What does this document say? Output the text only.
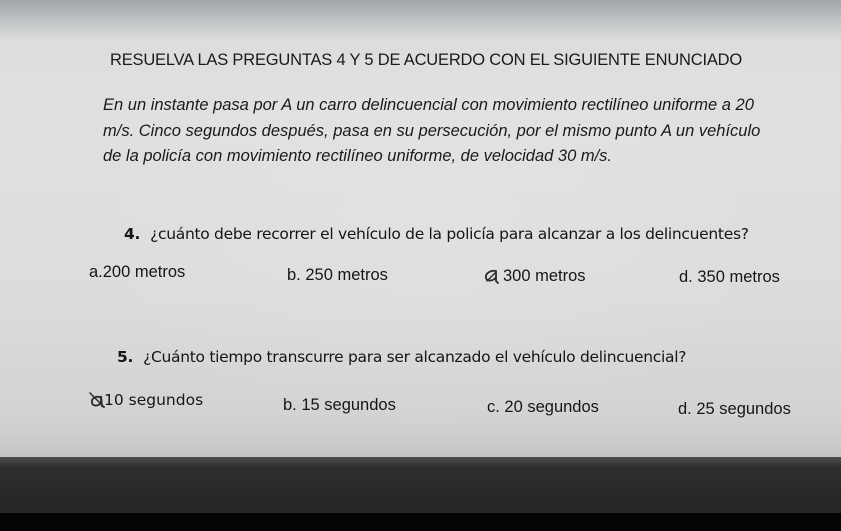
RESUELVA LAS PREGUNTAS 4 Y 5 DE ACUERDO CON EL SIGUIENTE ENUNCIADO

En un instante pasa por A un carro delincuencial con movimiento rectilíneo uniforme a 20
m/s. Cinco segundos después, pasa en su persecución, por el mismo punto A un vehículo
de la policía con movimiento rectilíneo uniforme, de velocidad 30 m/s.

4. ¿cuánto debe recorrer el vehículo de la policía para alcanzar a los delincuentes?

a.200 metros	b. 250 metros	300 metros	d. 350 metros

5. ¿Cuánto tiempo transcurre para ser alcanzado el vehículo delincuencial?

10 segundos	b. 15 segundos	c. 20 segundos	d. 25 segundos
